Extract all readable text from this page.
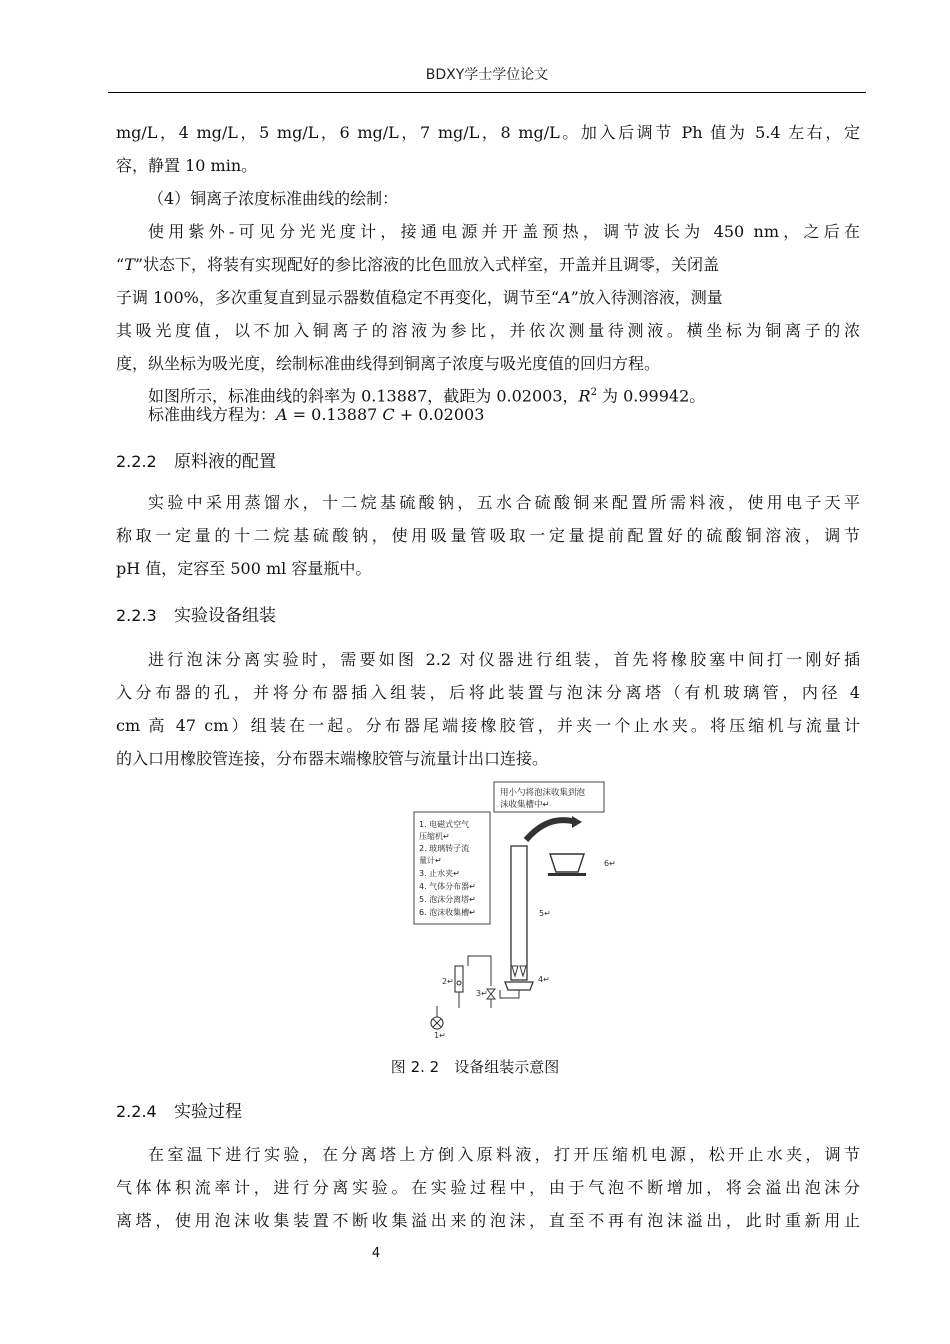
BDXY学士学位论文
mg/L，4 mg/L，5 mg/L，6 mg/L，7 mg/L，8 mg/L。加入后调节 Ph 值为 5.4 左右，定
容，静置 10 min。
（4）铜离子浓度标准曲线的绘制：
使用紫外-可见分光光度计，接通电源并开盖预热，调节波长为 450 nm，之后在
“T”状态下，将装有实现配好的参比溶液的比色皿放入式样室，开盖并且调零，关闭盖
子调 100%，多次重复直到显示器数值稳定不再变化，调节至“A”放入待测溶液，测量
其吸光度值，以不加入铜离子的溶液为参比，并依次测量待测液。横坐标为铜离子的浓
度，纵坐标为吸光度，绘制标准曲线得到铜离子浓度与吸光度值的回归方程。
如图所示，标准曲线的斜率为 0.13887，截距为 0.02003，$R^2$ 为 0.99942。
标准曲线方程为：A = 0.13887 C + 0.02003
2.2.2 原料液的配置
实验中采用蒸馏水，十二烷基硫酸钠，五水合硫酸铜来配置所需料液，使用电子天平
称取一定量的十二烷基硫酸钠，使用吸量管吸取一定量提前配置好的硫酸铜溶液，调节
pH 值，定容至 500 ml 容量瓶中。
2.2.3 实验设备组装
进行泡沫分离实验时，需要如图 2.2 对仪器进行组装，首先将橡胶塞中间打一刚好插
入分布器的孔，并将分布器插入组装，后将此装置与泡沫分离塔（有机玻璃管，内径 4
cm 高 47 cm）组装在一起。分布器尾端接橡胶管，并夹一个止水夹。将压缩机与流量计
的入口用橡胶管连接，分布器末端橡胶管与流量计出口连接。
用小勺将泡沫收集到泡
沫收集槽中↵
1. 电磁式空气
压缩机↵
2. 玻璃转子流
量计↵
3. 止水夹↵
4. 气体分布器↵
5. 泡沫分离塔↵
6. 泡沫收集槽↵
6↵
5↵
4↵
3↵
2↵
1↵
图 2. 2　设备组装示意图
2.2.4 实验过程
在室温下进行实验，在分离塔上方倒入原料液，打开压缩机电源，松开止水夹，调节
气体体积流率计，进行分离实验。在实验过程中，由于气泡不断增加，将会溢出泡沫分
离塔，使用泡沫收集装置不断收集溢出来的泡沫，直至不再有泡沫溢出，此时重新用止
4
